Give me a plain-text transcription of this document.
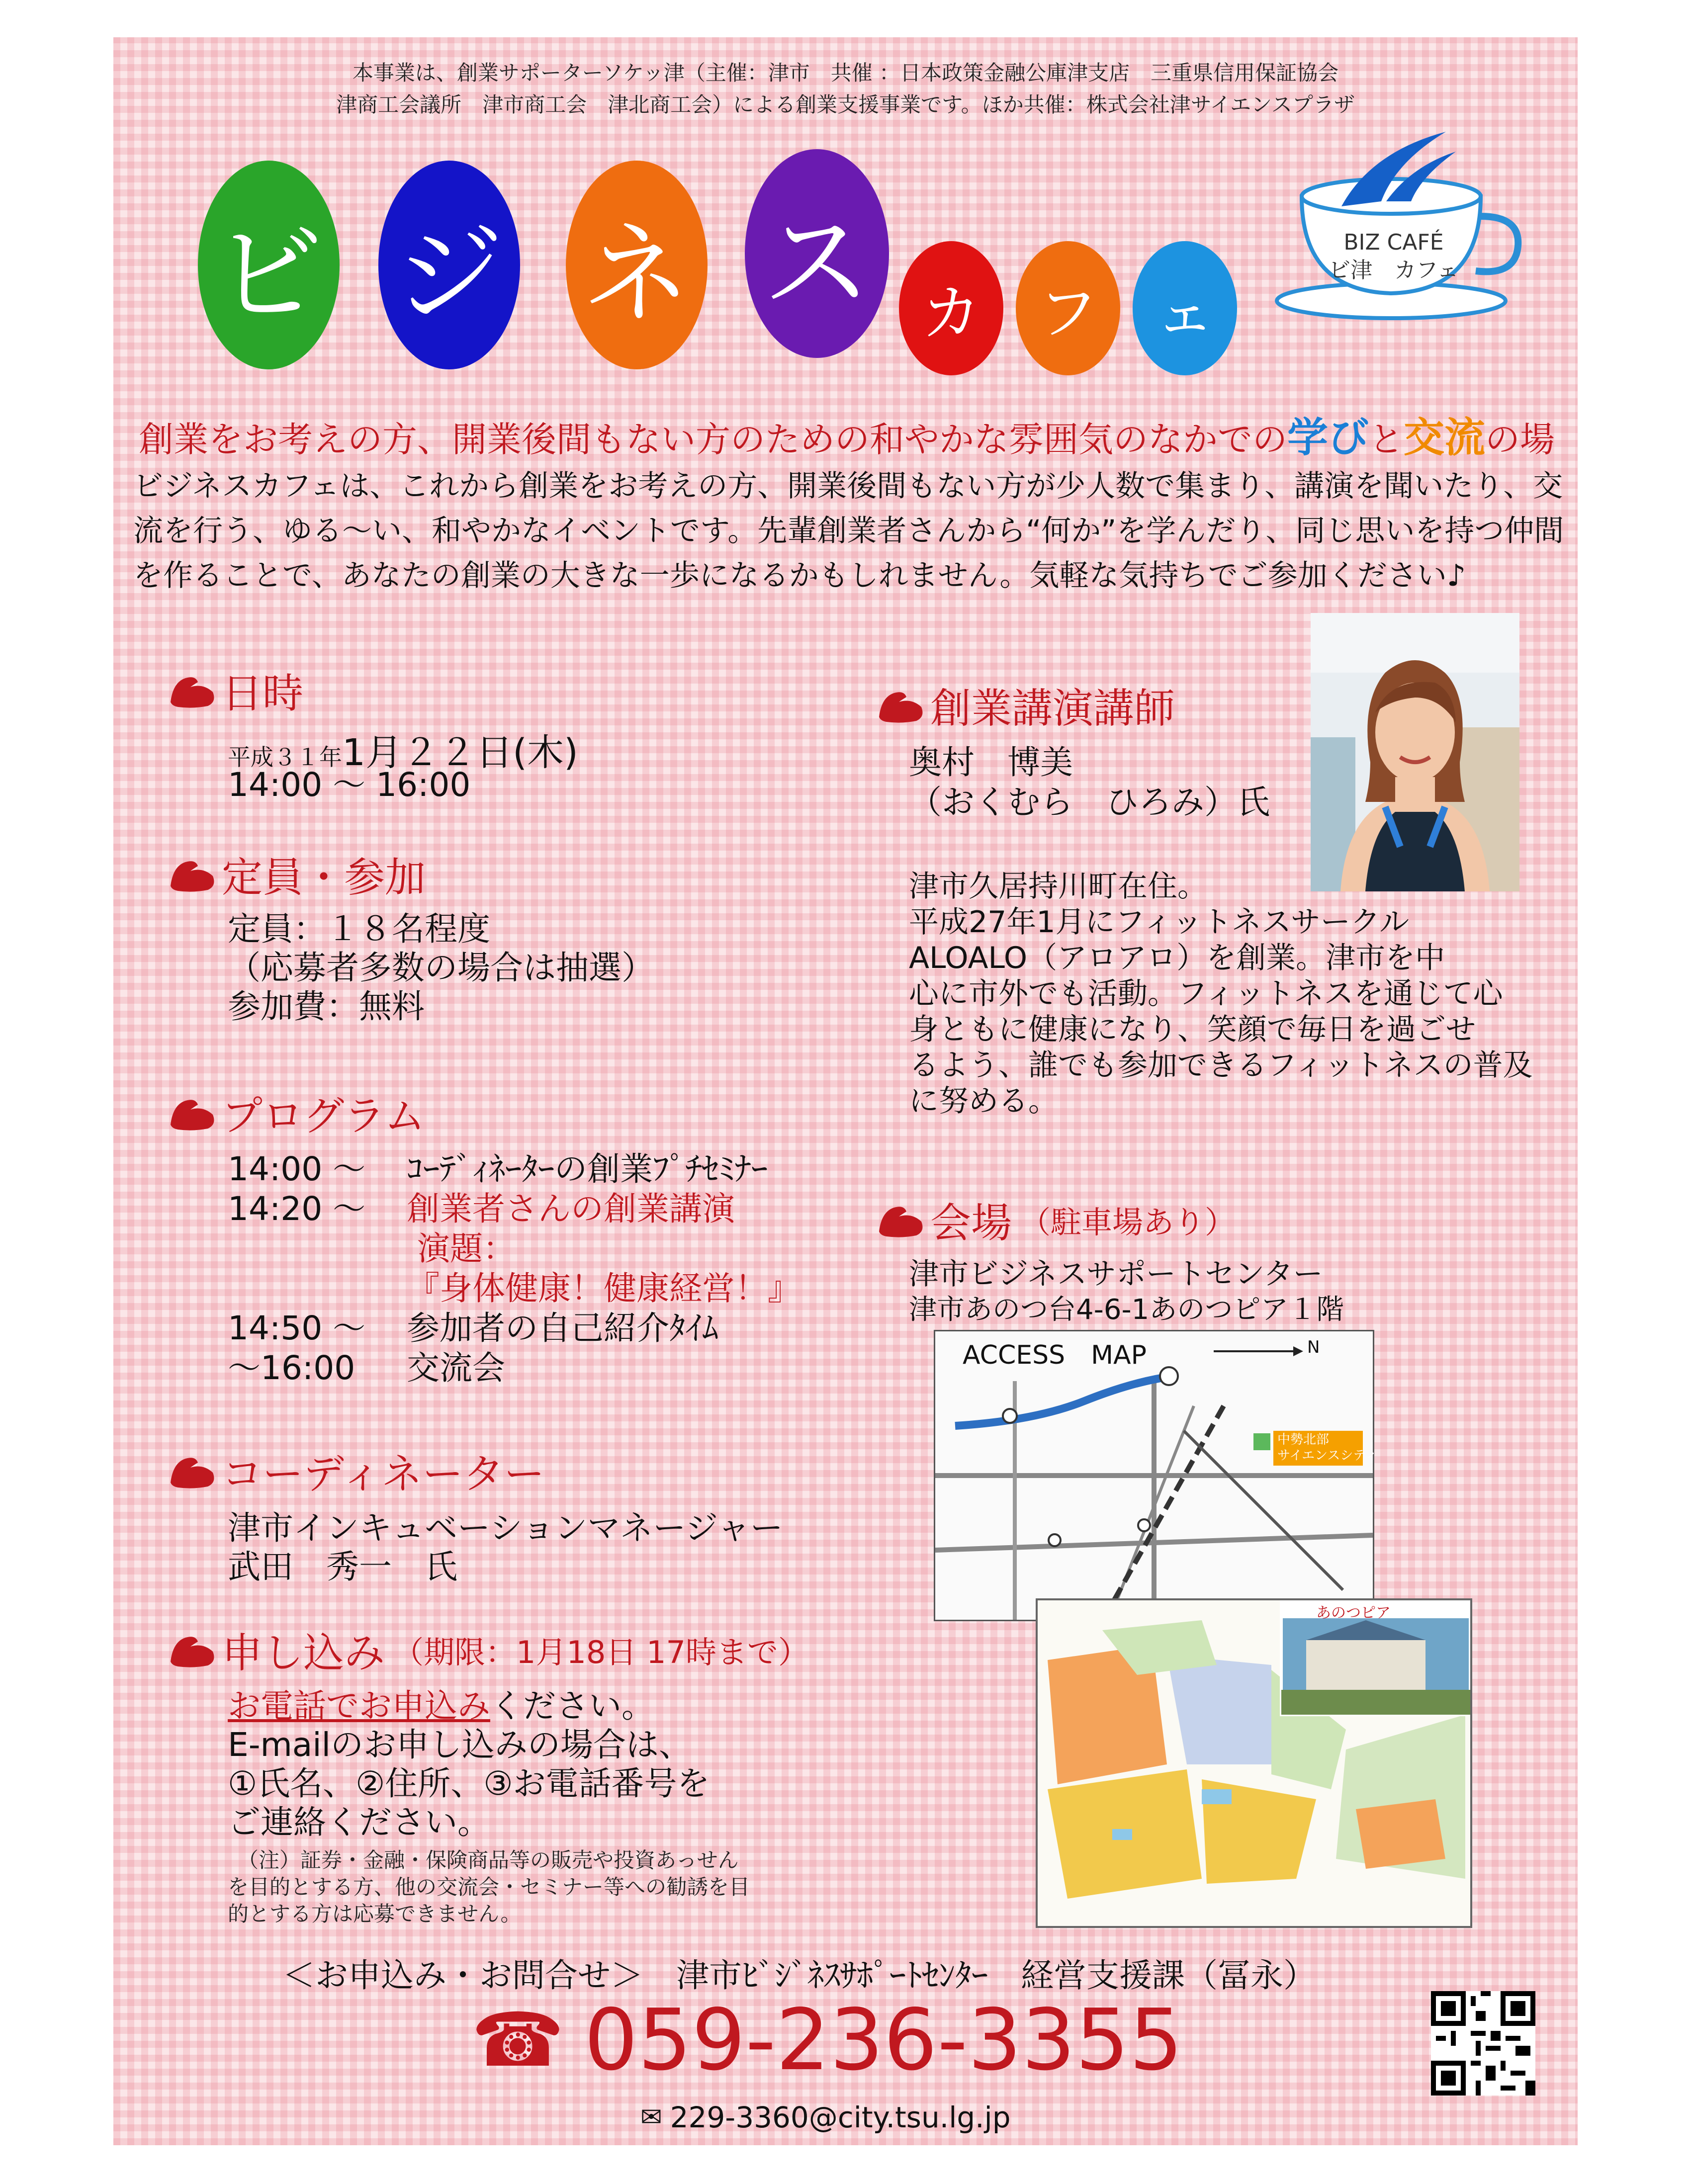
本事業は、創業サポーターソケッ津（主催：津市　共催 ：日本政策金融公庫津支店　三重県信用保証協会
津商工会議所　津市商工会　津北商工会）による創業支援事業です。ほか共催：株式会社津サイエンスプラザ
ビ ジ ネ ス カ フ ェ
BIZ CAFÉ
ビ津　カフェ
創業をお考えの方、開業後間もない方のための和やかな雰囲気のなかでの学びと交流の場
ビジネスカフェは、これから創業をお考えの方、開業後間もない方が少人数で集まり、講演を聞いたり、交流を行う、ゆる～い、和やかなイベントです。先輩創業者さんから“何か”を学んだり、同じ思いを持つ仲間を作ることで、あなたの創業の大きな一歩になるかもしれません。気軽な気持ちでご参加ください♪
日時
平成３１年1月２２日(木)
14:00 ～ 16:00
定員・参加
定員：１８名程度
（応募者多数の場合は抽選）
参加費：無料
プログラム
14:00 ～ ｺｰﾃﾞｨﾈｰﾀｰの創業ﾌﾟﾁｾﾐﾅｰ
14:20 ～ 創業者さんの創業講演
演題：
『身体健康！健康経営！』
14:50 ～ 参加者の自己紹介ﾀｲﾑ
～16:00 交流会
コーディネーター
津市インキュベーションマネージャー
武田　秀一　氏
申し込み （期限：1月18日 17時まで）
お電話でお申込みください。
E-mailのお申し込みの場合は、
①氏名、②住所、③お電話番号を
ご連絡ください。
（注）証券・金融・保険商品等の販売や投資あっせん
を目的とする方、他の交流会・セミナー等への勧誘を目
的とする方は応募できません。
創業講演講師
奥村　博美
（おくむら　ひろみ）氏
津市久居持川町在住。
平成27年1月にフィットネスサークル
ALOALO（アロアロ）を創業。津市を中
心に市外でも活動。フィットネスを通じて心
身ともに健康になり、笑顔で毎日を過ごせ
るよう、誰でも参加できるフィットネスの普及
に努める。
会場 （駐車場あり）
津市ビジネスサポートセンター
津市あのつ台4-6-1あのつピア１階
ACCESS　MAP	N
中勢北部
サイエンスシティ
あのつピア
＜お申込み・お問合せ＞　津市ﾋﾞｼﾞﾈｽｻﾎﾟｰﾄｾﾝﾀｰ　経営支援課（冨永）
☎ 059-236-3355
✉ 229-3360@city.tsu.lg.jp
